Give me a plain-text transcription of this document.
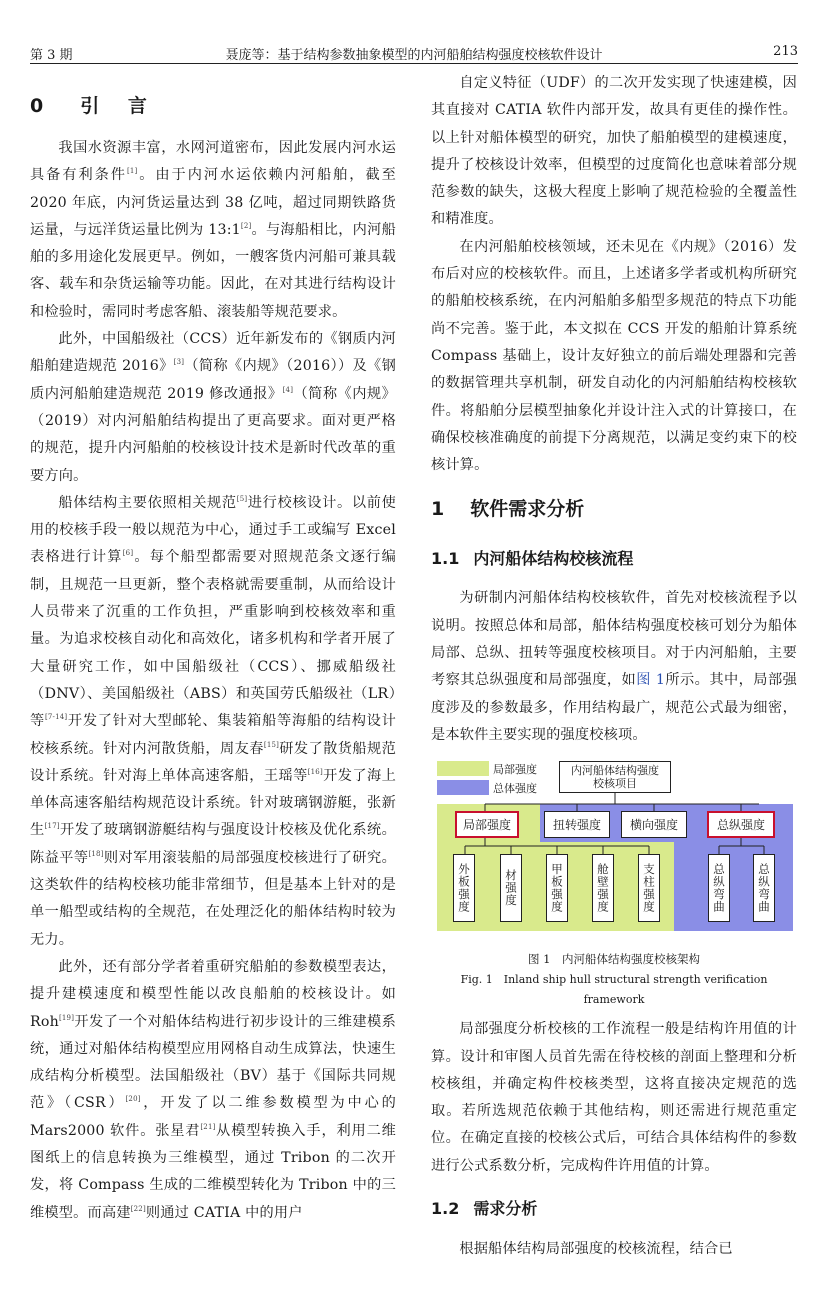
第 3 期	聂庞等：基于结构参数抽象模型的内河船舶结构强度校核软件设计	213
0 引 言

我国水资源丰富，水网河道密布，因此发展内河水运具备有利条件[1]。由于内河水运依赖内河船舶，截至 2020 年底，内河货运量达到 38 亿吨，超过同期铁路货运量，与远洋货运量比例为 13:1[2]。与海船相比，内河船舶的多用途化发展更早。例如，一艘客货内河船可兼具载客、载车和杂货运输等功能。因此，在对其进行结构设计和检验时，需同时考虑客船、滚装船等规范要求。

此外，中国船级社（CCS）近年新发布的《钢质内河船舶建造规范 2016》[3]（简称《内规》（2016））及《钢质内河船舶建造规范 2019 修改通报》[4]（简称《内规》（2019）对内河船舶结构提出了更高要求。面对更严格的规范，提升内河船舶的校核设计技术是新时代改革的重要方向。

船体结构主要依照相关规范[5]进行校核设计。以前使用的校核手段一般以规范为中心，通过手工或编写 Excel 表格进行计算[6]。每个船型都需要对照规范条文逐行编制，且规范一旦更新，整个表格就需要重制，从而给设计人员带来了沉重的工作负担，严重影响到校核效率和重量。为追求校核自动化和高效化，诸多机构和学者开展了大量研究工作，如中国船级社（CCS）、挪威船级社（DNV）、美国船级社（ABS）和英国劳氏船级社（LR）等[7-14]开发了针对大型邮轮、集装箱船等海船的结构设计校核系统。针对内河散货船，周友春[15]研发了散货船规范设计系统。针对海上单体高速客船，王瑶等[16]开发了海上单体高速客船结构规范设计系统。针对玻璃钢游艇，张新生[17]开发了玻璃钢游艇结构与强度设计校核及优化系统。陈益平等[18]则对军用滚装船的局部强度校核进行了研究。这类软件的结构校核功能非常细节，但是基本上针对的是单一船型或结构的全规范，在处理泛化的船体结构时较为无力。

此外，还有部分学者着重研究船舶的参数模型表达，提升建模速度和模型性能以改良船舶的校核设计。如 Roh[19]开发了一个对船体结构进行初步设计的三维建模系统，通过对船体结构模型应用网格自动生成算法，快速生成结构分析模型。法国船级社（BV）基于《国际共同规范》（CSR）[20]，开发了以二维参数模型为中心的 Mars2000 软件。张星君[21]从模型转换入手，利用二维图纸上的信息转换为三维模型，通过 Tribon 的二次开发，将 Compass 生成的二维模型转化为 Tribon 中的三维模型。而高建[22]则通过 CATIA 中的用户

自定义特征（UDF）的二次开发实现了快速建模，因其直接对 CATIA 软件内部开发，故具有更佳的操作性。以上针对船体模型的研究，加快了船舶模型的建模速度，提升了校核设计效率，但模型的过度简化也意味着部分规范参数的缺失，这极大程度上影响了规范检验的全覆盖性和精准度。

在内河船舶校核领域，还未见在《内规》（2016）发布后对应的校核软件。而且，上述诸多学者或机构所研究的船舶校核系统，在内河船舶多船型多规范的特点下功能尚不完善。鉴于此，本文拟在 CCS 开发的船舶计算系统 Compass 基础上，设计友好独立的前后端处理器和完善的数据管理共享机制，研发自动化的内河船舶结构校核软件。将船舶分层模型抽象化并设计注入式的计算接口，在确保校核准确度的前提下分离规范，以满足变约束下的校核计算。

1 软件需求分析
1.1 内河船体结构校核流程

为研制内河船体结构校核软件，首先对校核流程予以说明。按照总体和局部，船体结构强度校核可划分为船体局部、总纵、扭转等强度校核项目。对于内河船舶，主要考察其总纵强度和局部强度，如图 1所示。其中，局部强度涉及的参数最多，作用结构最广，规范公式最为细密，是本软件主要实现的强度校核项。

局部强度
总体强度
内河船体结构强度校核项目
局部强度	扭转强度	横向强度	总纵强度
外板强度	材强度	甲板强度	舱壁强度	支柱强度	总纵弯曲	总纵弯曲
图 1　内河船体结构强度校核架构
Fig. 1　Inland ship hull structural strength verification framework

局部强度分析校核的工作流程一般是结构许用值的计算。设计和审图人员首先需在待校核的剖面上整理和分析校核组，并确定构件校核类型，这将直接决定规范的选取。若所选规范依赖于其他结构，则还需进行规范重定位。在确定直接的校核公式后，可结合具体结构件的参数进行公式系数分析，完成构件许用值的计算。

1.2 需求分析

根据船体结构局部强度的校核流程，结合已
